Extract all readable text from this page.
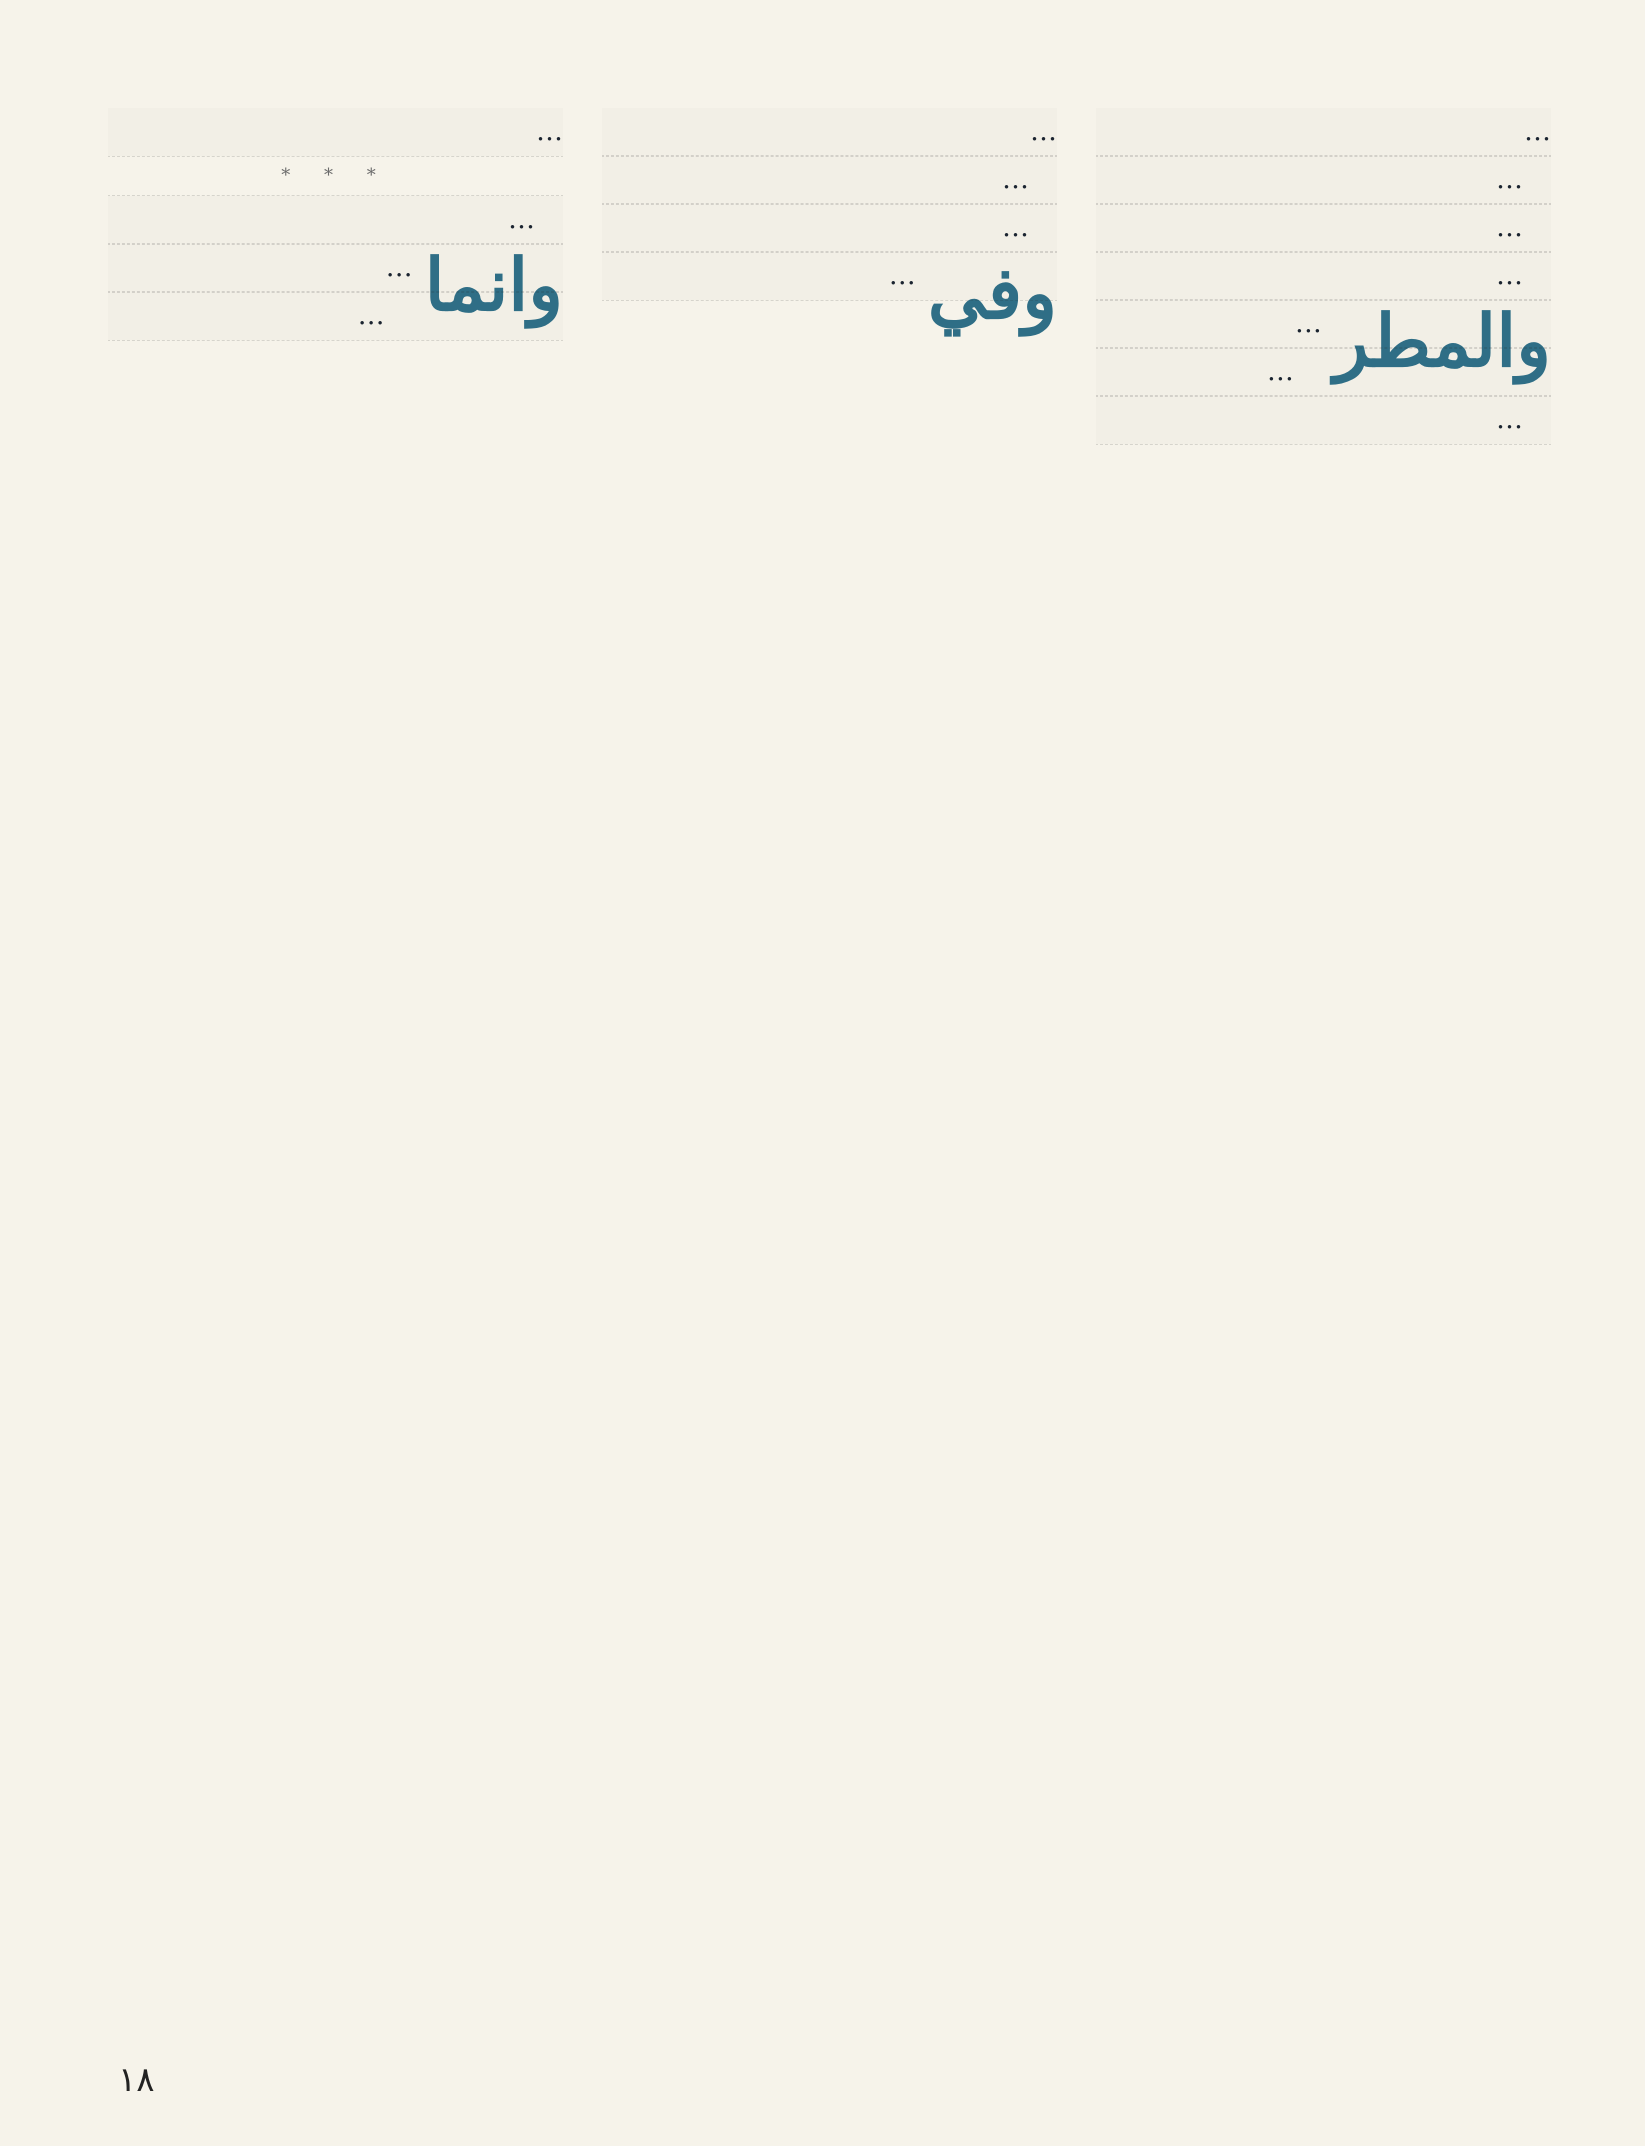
…

…

…

…

والمطر
…

…

…

…

…

…

وفي
…

…

* * *

…

وانما
…

…

١٨
